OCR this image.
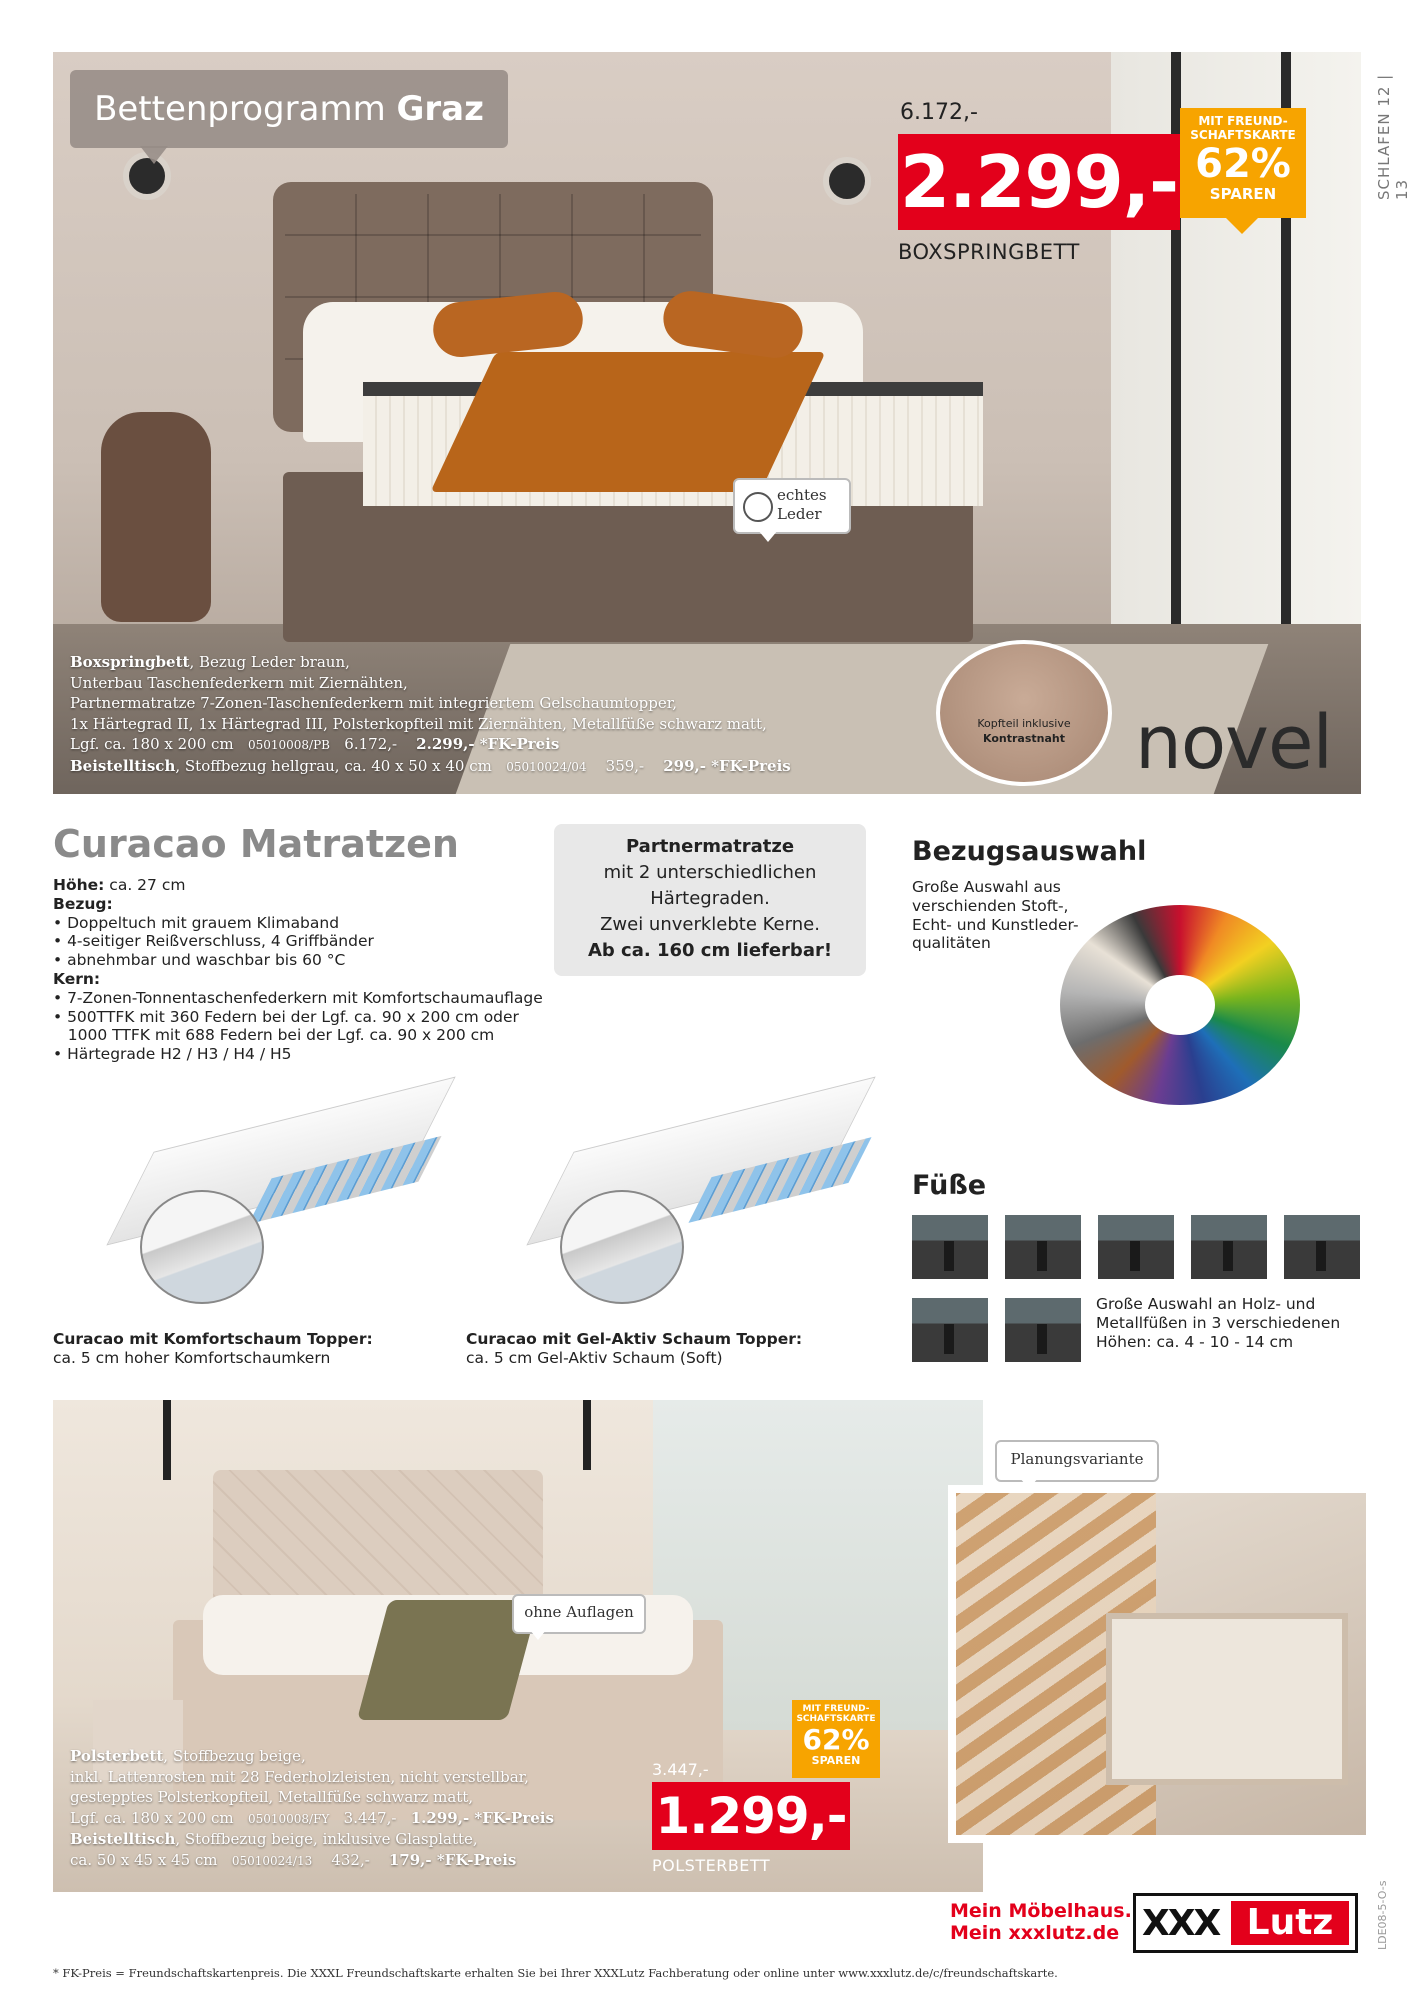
SCHLAFEN 12 | 13
Bettenprogramm Graz	6.172,-
2.299,-
MIT FREUND-
SCHAFTSKARTE
62%
SPAREN
BOXSPRINGBETT
echtes
Leder
Boxspringbett, Bezug Leder braun,
Unterbau Taschenfederkern mit Ziernähten,
Partnermatratze 7-Zonen-Taschenfederkern mit integriertem Gelschaumtopper,
1x Härtegrad II, 1x Härtegrad III, Polsterkopfteil mit Ziernähten, Metallfüße schwarz matt,
Lgf. ca. 180 x 200 cm 05010008/PB 6.172,- 2.299,- *FK-Preis
Beistelltisch, Stoffbezug hellgrau, ca. 40 x 50 x 40 cm 05010024/04 359,- 299,- *FK-Preis
Kopfteil inklusive
Kontrastnaht novel
Curacao Matratzen
Höhe: ca. 27 cm
Bezug:
• Doppeltuch mit grauem Klimaband
• 4-seitiger Reißverschluss, 4 Griffbänder
• abnehmbar und waschbar bis 60 °C
Kern:
• 7-Zonen-Tonnentaschenfederkern mit Komfortschaumauflage
• 500TTFK mit 360 Federn bei der Lgf. ca. 90 x 200 cm oder
1000 TTFK mit 688 Federn bei der Lgf. ca. 90 x 200 cm
• Härtegrade H2 / H3 / H4 / H5
Partnermatratze
mit 2 unterschiedlichen
Härtegraden.
Zwei unverklebte Kerne.
Ab ca. 160 cm lieferbar!
Curacao mit Komfortschaum Topper:
ca. 5 cm hoher Komfortschaumkern
Curacao mit Gel-Aktiv Schaum Topper:
ca. 5 cm Gel-Aktiv Schaum (Soft)
Bezugsauswahl
Große Auswahl aus
verschienden Stoft-,
Echt- und Kunstleder-
qualitäten
Füße
Große Auswahl an Holz- und
Metallfüßen in 3 verschiedenen
Höhen: ca. 4 - 10 - 14 cm
Planungsvariante
ohne Auflagen
Polsterbett, Stoffbezug beige,
inkl. Lattenrosten mit 28 Federholzleisten, nicht verstellbar,
gestepptes Polsterkopfteil, Metallfüße schwarz matt,
Lgf. ca. 180 x 200 cm 05010008/FY 3.447,- 1.299,- *FK-Preis
Beistelltisch, Stoffbezug beige, inklusive Glasplatte,
ca. 50 x 45 x 45 cm 05010024/13 432,- 179,- *FK-Preis
MIT FREUND-
SCHAFTSKARTE
62%
SPAREN
3.447,-
1.299,-
POLSTERBETT
Mein Möbelhaus.
Mein xxxlutz.de XXX Lutz	LDE08-5-O-s
* FK-Preis = Freundschaftskartenpreis. Die XXXL Freundschaftskarte erhalten Sie bei Ihrer XXXLutz Fachberatung oder online unter www.xxxlutz.de/c/freundschaftskarte.
